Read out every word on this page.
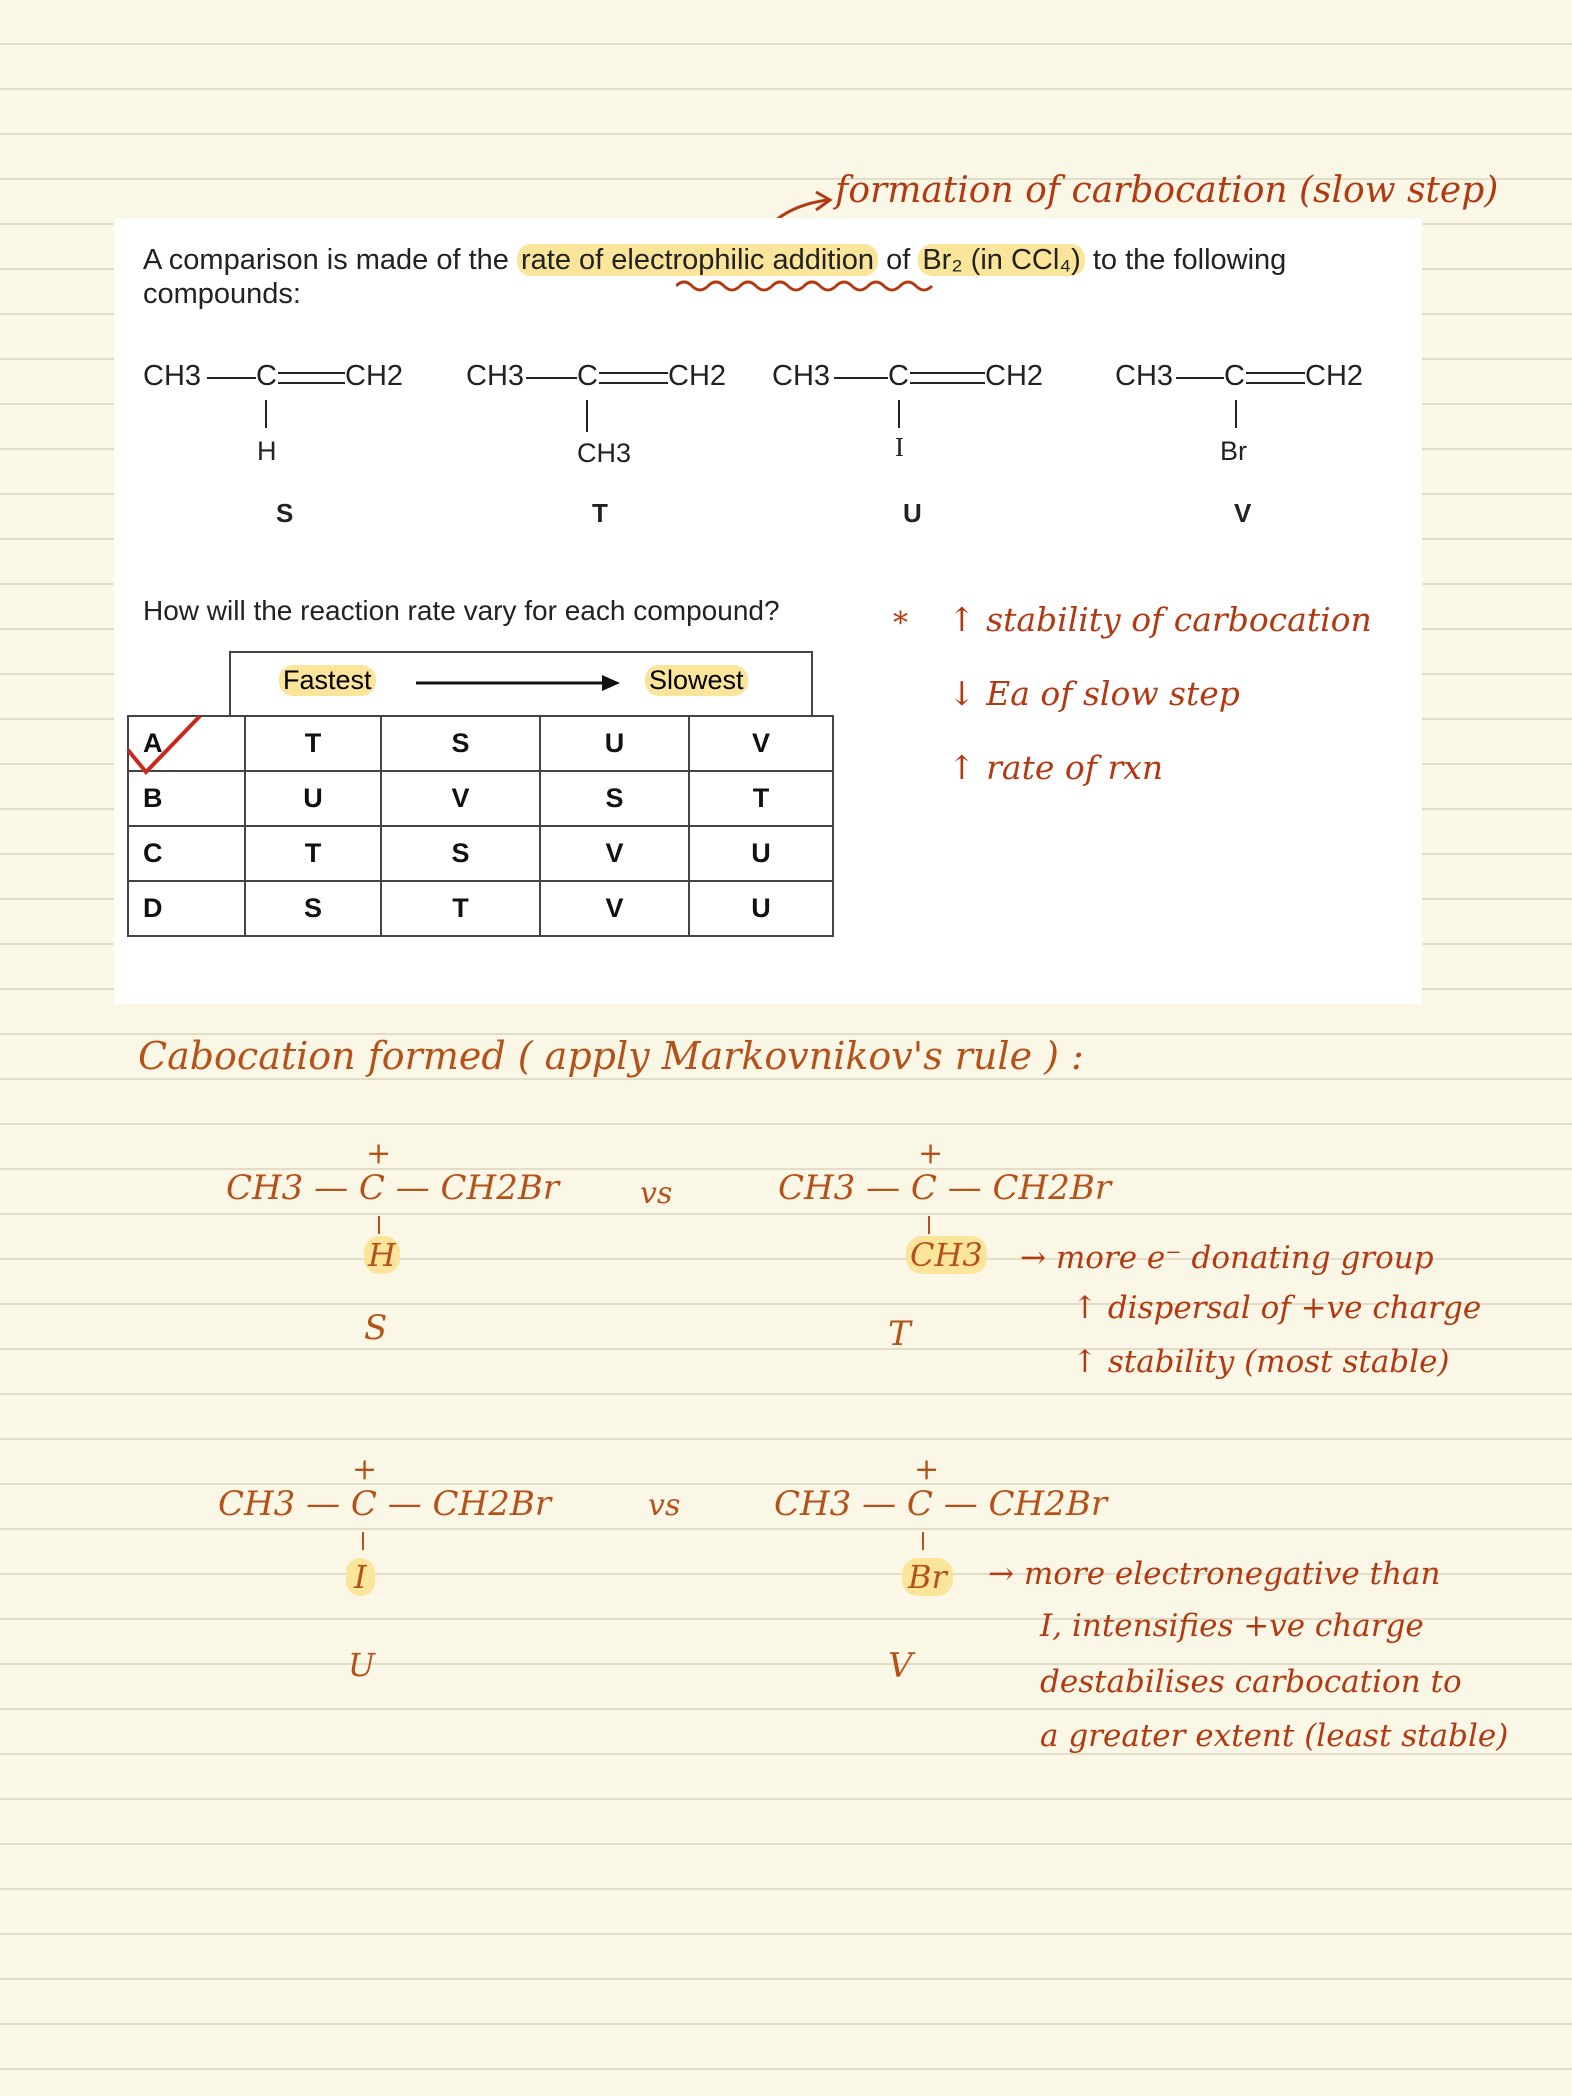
formation of carbocation (slow step)
A comparison is made of the rate of electrophilic addition of Br₂ (in CCl₄) to the following
compounds:
CH3 C CH2
H
S
CH3 C CH2
CH3
T
CH3 C	CH2
I
U
CH3 C CH2
Br
V
How will the reaction rate vary for each compound?
A	T	S	U	V
B	U	V	S	T
C	T	S	V	U
D	S	T	V	U
Fastest	Slowest
* ↑ stability of carbocation
↓ Ea of slow step
↑ rate of rxn
Cabocation formed ( apply Markovnikov's rule ) :
CH3 — C — CH2Br
+
H
S
vs	CH3 — C — CH2Br
+
CH3
T
→ more e⁻ donating group
↑ dispersal of +ve charge
↑ stability (most stable)
CH3 — C — CH2Br
+
I
U
vs	CH3 — C — CH2Br
+
Br
V
→ more electronegative than
I, intensifies +ve charge
destabilises carbocation to
a greater extent (least stable)
